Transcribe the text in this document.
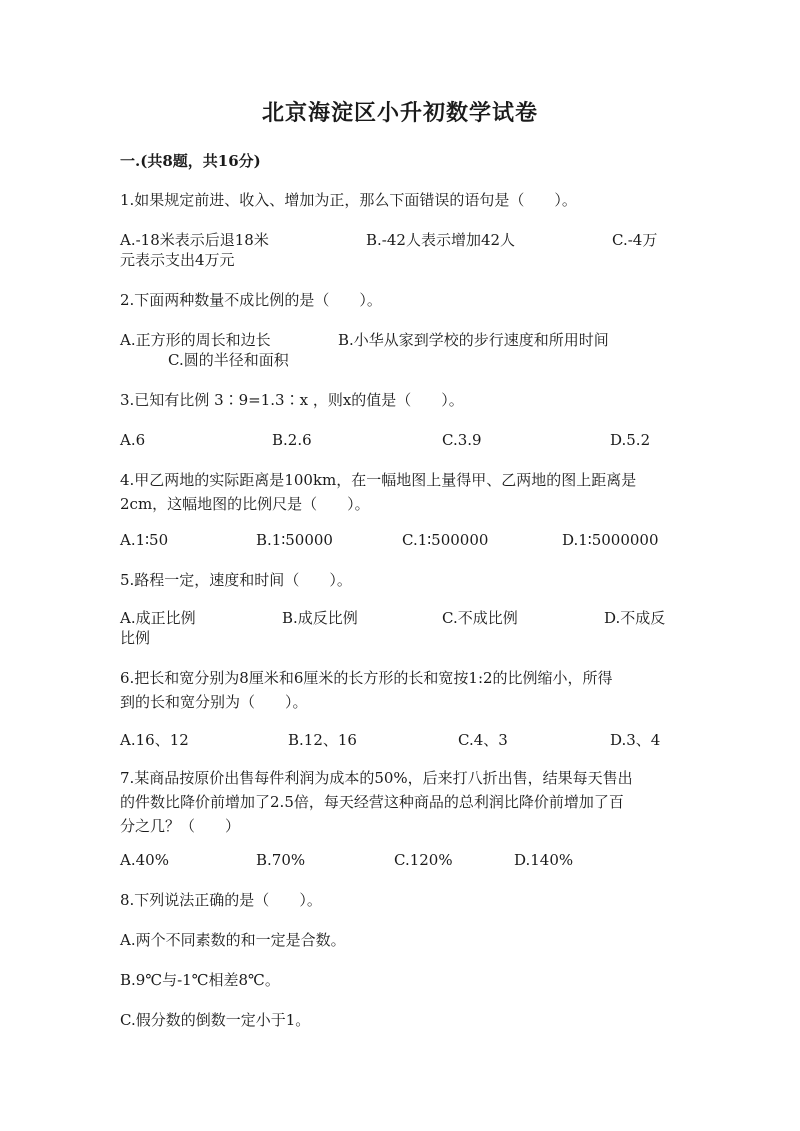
北京海淀区小升初数学试卷
一.(共8题，共16分)
1.如果规定前进、收入、增加为正，那么下面错误的语句是（　　）。
A.-18米表示后退18米	B.-42人表示增加42人	C.-4万
元表示支出4万元
2.下面两种数量不成比例的是（　　）。
A.正方形的周长和边长	B.小华从家到学校的步行速度和所用时间
C.圆的半径和面积
3.已知有比例 3∶9=1.3∶x ，则x的值是（　　）。
A.6	B.2.6	C.3.9	D.5.2
4.甲乙两地的实际距离是100km，在一幅地图上量得甲、乙两地的图上距离是
2cm，这幅地图的比例尺是（　　）。
A.1∶50	B.1∶50000	C.1∶500000	D.1∶5000000
5.路程一定，速度和时间（　　）。
A.成正比例	B.成反比例	C.不成比例	D.不成反
比例
6.把长和宽分别为8厘米和6厘米的长方形的长和宽按1:2的比例缩小，所得
到的长和宽分别为（　　）。
A.16、12	B.12、16	C.4、3	D.3、4
7.某商品按原价出售每件利润为成本的50%，后来打八折出售，结果每天售出
的件数比降价前增加了2.5倍，每天经营这种商品的总利润比降价前增加了百
分之几？（　　）
A.40%	B.70%	C.120%	D.140%
8.下列说法正确的是（　　）。
A.两个不同素数的和一定是合数。
B.9℃与-1℃相差8℃。
C.假分数的倒数一定小于1。
